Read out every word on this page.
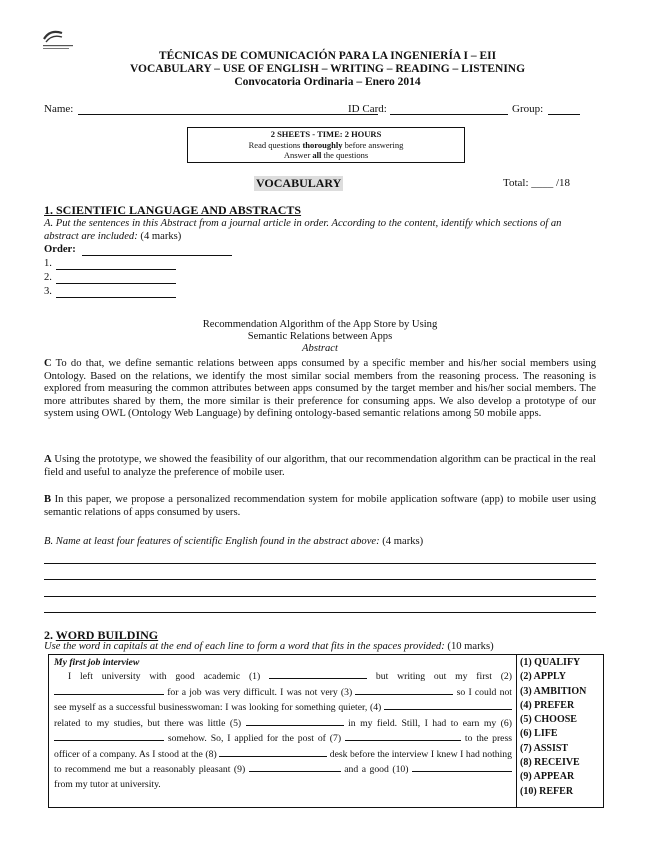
TÉCNICAS DE COMUNICACIÓN PARA LA INGENIERÍA I – EII
VOCABULARY – USE OF ENGLISH – WRITING – READING – LISTENING
Convocatoria Ordinaria – Enero 2014
Name:	ID Card:	Group:
2 SHEETS - TIME: 2 HOURS
Read questions thoroughly before answering
Answer all the questions
VOCABULARY	Total: ____ /18
1. SCIENTIFIC LANGUAGE AND ABSTRACTS
A. Put the sentences in this Abstract from a journal article in order. According to the content, identify which sections of an abstract are included: (4 marks)
Order:
1.
2.
3.
Recommendation Algorithm of the App Store by Using
Semantic Relations between Apps
Abstract
C To do that, we define semantic relations between apps consumed by a specific member and his/her social members using Ontology. Based on the relations, we identify the most similar social members from the reasoning process. The reasoning is explored from measuring the common attributes between apps consumed by the target member and his/her social members. The more attributes shared by them, the more similar is their preference for consuming apps. We also develop a prototype of our system using OWL (Ontology Web Language) by defining ontology-based semantic relations among 50 mobile apps.
A Using the prototype, we showed the feasibility of our algorithm, that our recommendation algorithm can be practical in the real field and useful to analyze the preference of mobile user.
B In this paper, we propose a personalized recommendation system for mobile application software (app) to mobile user using semantic relations of apps consumed by users.
B. Name at least four features of scientific English found in the abstract above: (4 marks)
2. WORD BUILDING
Use the word in capitals at the end of each line to form a word that fits in the spaces provided: (10 marks)
My first job interview

I left university with good academic (1)	but writing out my first (2)  for a job was very difficult. I was not very (3)	so I could not see myself as a successful businesswoman: I was looking for something quieter, (4)  related to my studies, but there was little (5)	in my field. Still, I had to earn my (6)  somehow. So, I applied for the post of (7)	to the press officer of a company. As I stood at the (8)	desk before the interview I knew I had nothing to recommend me but a reasonably pleasant (9)	and a good (10)  from my tutor at university.

(1) QUALIFY
(2) APPLY
(3) AMBITION
(4) PREFER
(5) CHOOSE
(6) LIFE
(7) ASSIST
(8) RECEIVE
(9) APPEAR
(10) REFER
